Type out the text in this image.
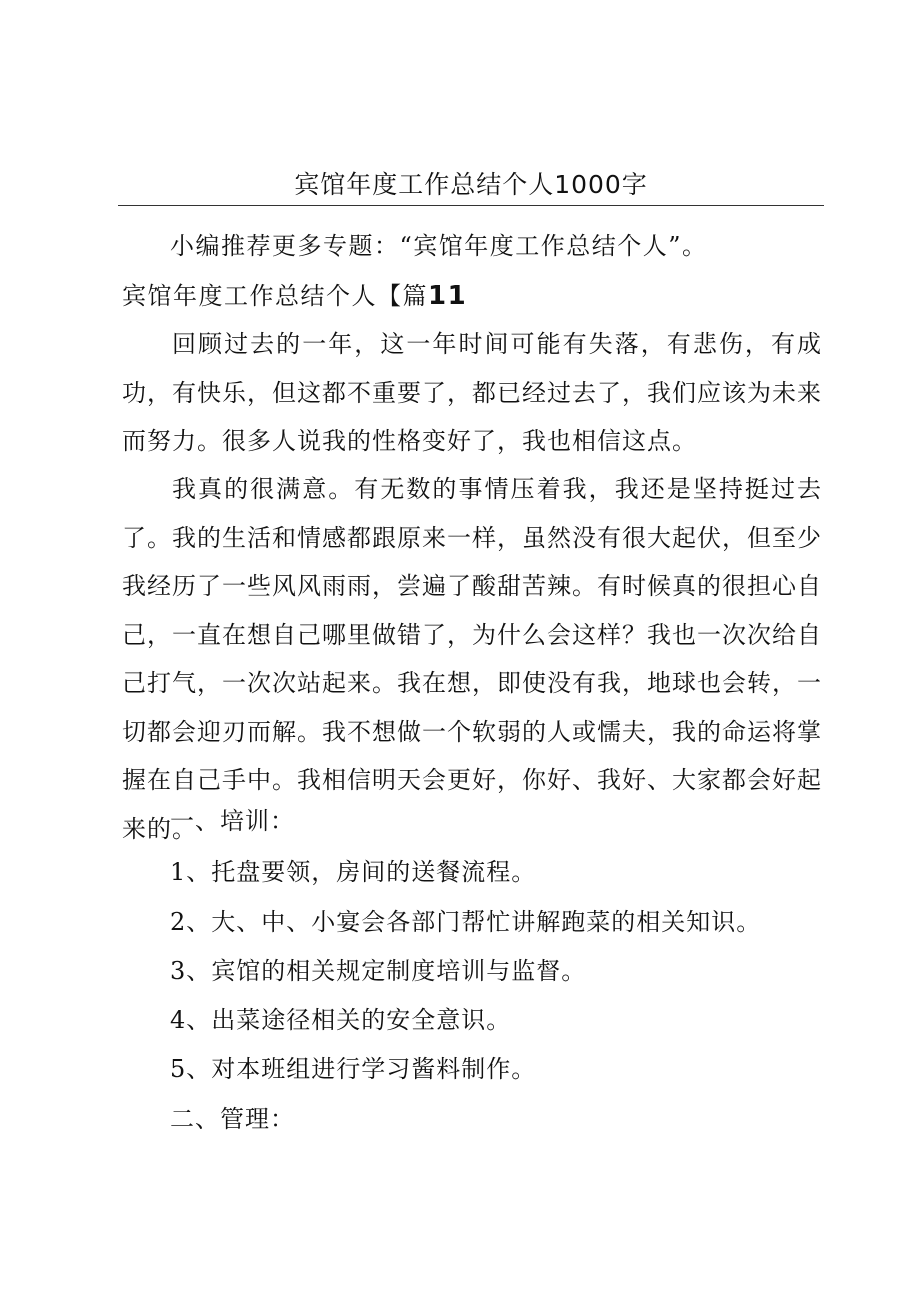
宾馆年度工作总结个人1000字
小编推荐更多专题：“宾馆年度工作总结个人”。
宾馆年度工作总结个人【篇11
回顾过去的一年，这一年时间可能有失落，有悲伤，有成功，有快乐，但这都不重要了，都已经过去了，我们应该为未来而努力。很多人说我的性格变好了，我也相信这点。
我真的很满意。有无数的事情压着我，我还是坚持挺过去了。我的生活和情感都跟原来一样，虽然没有很大起伏，但至少我经历了一些风风雨雨，尝遍了酸甜苦辣。有时候真的很担心自己，一直在想自己哪里做错了，为什么会这样？我也一次次给自己打气，一次次站起来。我在想，即使没有我，地球也会转，一切都会迎刃而解。我不想做一个软弱的人或懦夫，我的命运将掌握在自己手中。我相信明天会更好，你好、我好、大家都会好起来的。
一、培训：
1、托盘要领，房间的送餐流程。
2、大、中、小宴会各部门帮忙讲解跑菜的相关知识。
3、宾馆的相关规定制度培训与监督。
4、出菜途径相关的安全意识。
5、对本班组进行学习酱料制作。
二、管理：
